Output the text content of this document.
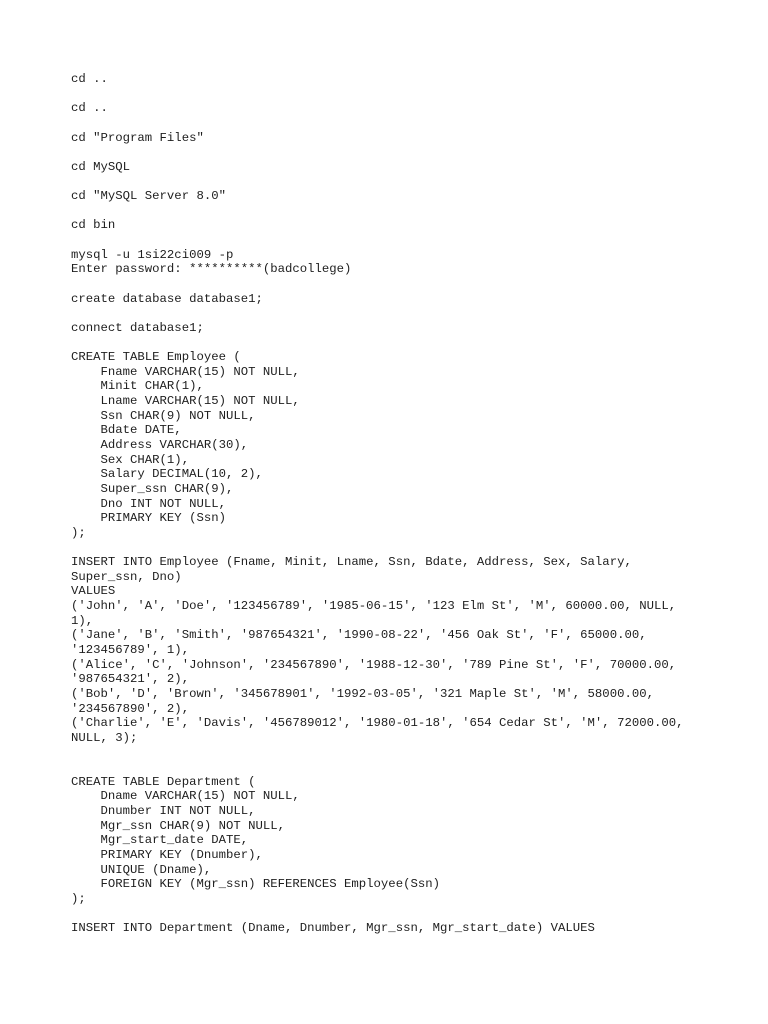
cd ..
cd ..
cd "Program Files"
cd MySQL
cd "MySQL Server 8.0"
cd bin
mysql -u 1si22ci009 -p
Enter password: **********(badcollege)
create database database1;
connect database1;
CREATE TABLE Employee (
Fname VARCHAR(15) NOT NULL,
Minit CHAR(1),
Lname VARCHAR(15) NOT NULL,
Ssn CHAR(9) NOT NULL,
Bdate DATE,
Address VARCHAR(30),
Sex CHAR(1),
Salary DECIMAL(10, 2),
Super_ssn CHAR(9),
Dno INT NOT NULL,
PRIMARY KEY (Ssn)
);
INSERT INTO Employee (Fname, Minit, Lname, Ssn, Bdate, Address, Sex, Salary,
Super_ssn, Dno)
VALUES
('John', 'A', 'Doe', '123456789', '1985-06-15', '123 Elm St', 'M', 60000.00, NULL,
1),
('Jane', 'B', 'Smith', '987654321', '1990-08-22', '456 Oak St', 'F', 65000.00,
'123456789', 1),
('Alice', 'C', 'Johnson', '234567890', '1988-12-30', '789 Pine St', 'F', 70000.00,
'987654321', 2),
('Bob', 'D', 'Brown', '345678901', '1992-03-05', '321 Maple St', 'M', 58000.00,
'234567890', 2),
('Charlie', 'E', 'Davis', '456789012', '1980-01-18', '654 Cedar St', 'M', 72000.00,
NULL, 3);
CREATE TABLE Department (
Dname VARCHAR(15) NOT NULL,
Dnumber INT NOT NULL,
Mgr_ssn CHAR(9) NOT NULL,
Mgr_start_date DATE,
PRIMARY KEY (Dnumber),
UNIQUE (Dname),
FOREIGN KEY (Mgr_ssn) REFERENCES Employee(Ssn)
);
INSERT INTO Department (Dname, Dnumber, Mgr_ssn, Mgr_start_date) VALUES
